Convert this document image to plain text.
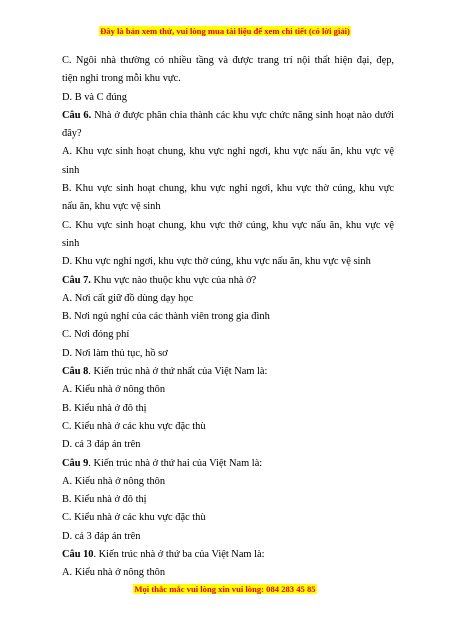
Đây là bản xem thử, vui lòng mua tài liệu để xem chi tiết (có lời giải)
C. Ngôi nhà thường có nhiều tầng và được trang trí nội thất hiện đại, đẹp,
tiện nghi trong mỗi khu vực.
D. B và C đúng
Câu 6. Nhà ở được phân chia thành các khu vực chức năng sinh hoạt nào dưới
đây?
A. Khu vực sinh hoạt chung, khu vực nghỉ ngơi, khu vực nấu ăn, khu vực vệ
sinh
B. Khu vực sinh hoạt chung, khu vực nghỉ ngơi, khu vực thờ cúng, khu vực
nấu ăn, khu vực vệ sinh
C. Khu vực sinh hoạt chung, khu vực thờ cúng, khu vực nấu ăn, khu vực vệ
sinh
D. Khu vực nghỉ ngơi, khu vực thờ cúng, khu vực nấu ăn, khu vực vệ sinh
Câu 7. Khu vực nào thuộc khu vực của nhà ở?
A. Nơi cất giữ đồ dùng dạy học
B. Nơi ngủ nghỉ của các thành viên trong gia đình
C. Nơi đóng phí
D. Nơi làm thủ tục, hồ sơ
Câu 8. Kiến trúc nhà ở thứ nhất của Việt Nam là:
A. Kiểu nhà ở nông thôn
B. Kiểu nhà ở đô thị
C. Kiểu nhà ở các khu vực đặc thù
D. cả 3 đáp án trên
Câu 9. Kiến trúc nhà ở thứ hai của Việt Nam là:
A. Kiểu nhà ở nông thôn
B. Kiểu nhà ở đô thị
C. Kiểu nhà ở các khu vực đặc thù
D. cả 3 đáp án trên
Câu 10. Kiến trúc nhà ở thứ ba của Việt Nam là:
A. Kiểu nhà ở nông thôn
Mọi thắc mắc vui lòng xin vui lòng: 084 283 45 85
